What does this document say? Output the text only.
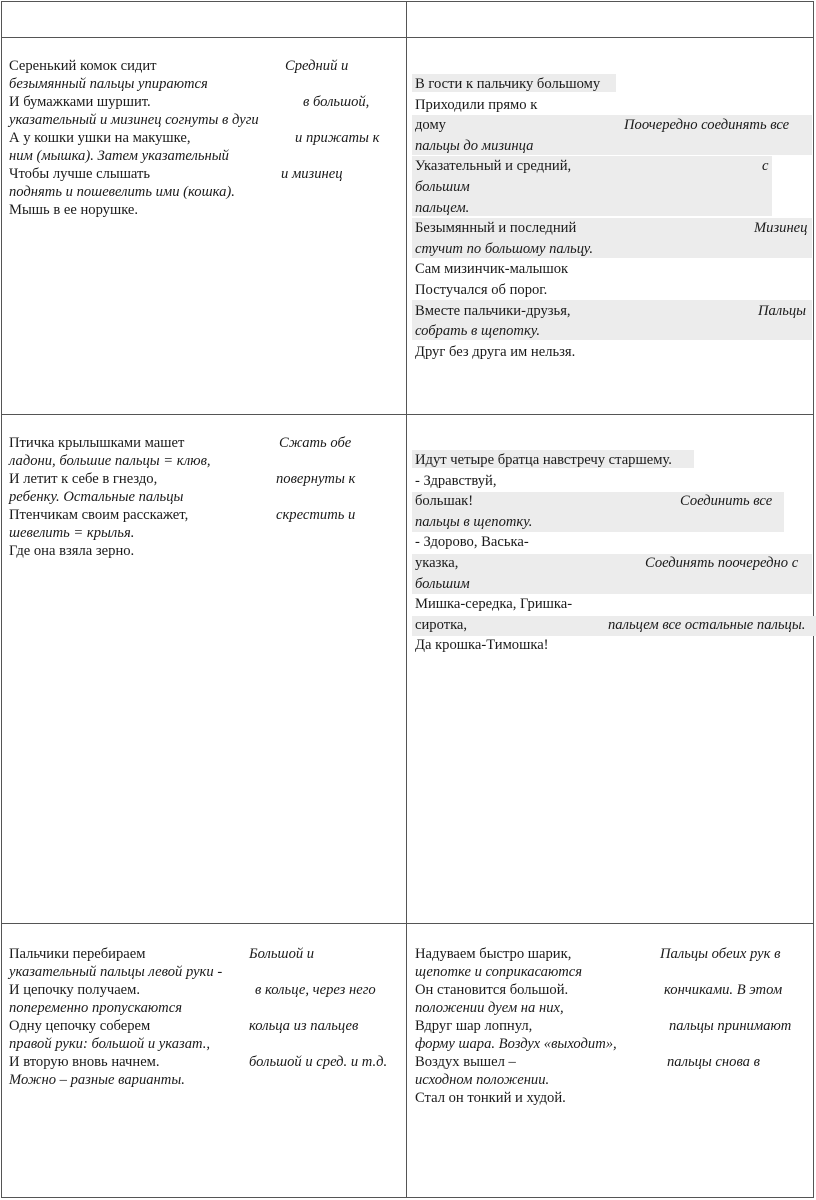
Серенький комок сидит	Средний и
безымянный пальцы упираются
И бумажками шуршит.	в большой,
указательный и мизинец согнуты в дуги
А у кошки ушки на макушке,	и прижаты к
ним (мышка). Затем указательный
Чтобы лучше слышать	и мизинец
поднять и пошевелить ими (кошка).
Мышь в ее норушке.
В гости к пальчику большому
Приходили прямо к
дому	Поочередно соединять все
пальцы до мизинца
Указательный и средний,	с
большим
пальцем.
Безымянный и последний	Мизинец
стучит по большому пальцу.
Сам мизинчик-малышок
Постучался об порог.
Вместе пальчики-друзья,	Пальцы
собрать в щепотку.
Друг без друга им нельзя.
Птичка крылышками машет	Сжать обе
ладони, большие пальцы = клюв,
И летит к себе в гнездо,	повернуты к
ребенку. Остальные пальцы
Птенчикам своим расскажет,	скрестить и
шевелить = крылья.
Где она взяла зерно.
Идут четыре братца навстречу старшему.
- Здравствуй,
большак!	Соединить все
пальцы в щепотку.
- Здорово, Васька-
указка,	Соединять поочередно с
большим
Мишка-середка, Гришка-
сиротка,	пальцем все остальные пальцы.
Да крошка-Тимошка!
Пальчики перебираем	Большой и
указательный пальцы левой руки -
И цепочку получаем.	в кольце, через него
попеременно пропускаются
Одну цепочку соберем	кольца из пальцев
правой руки: большой и указат.,
И вторую вновь начнем.	большой и сред. и т.д.
Можно – разные варианты.
Надуваем быстро шарик,	Пальцы обеих рук в
щепотке и соприкасаются
Он становится большой.	кончиками. В этом
положении дуем на них,
Вдруг шар лопнул,	пальцы принимают
форму шара. Воздух «выходит»,
Воздух вышел –	пальцы снова в
исходном положении.
Стал он тонкий и худой.
